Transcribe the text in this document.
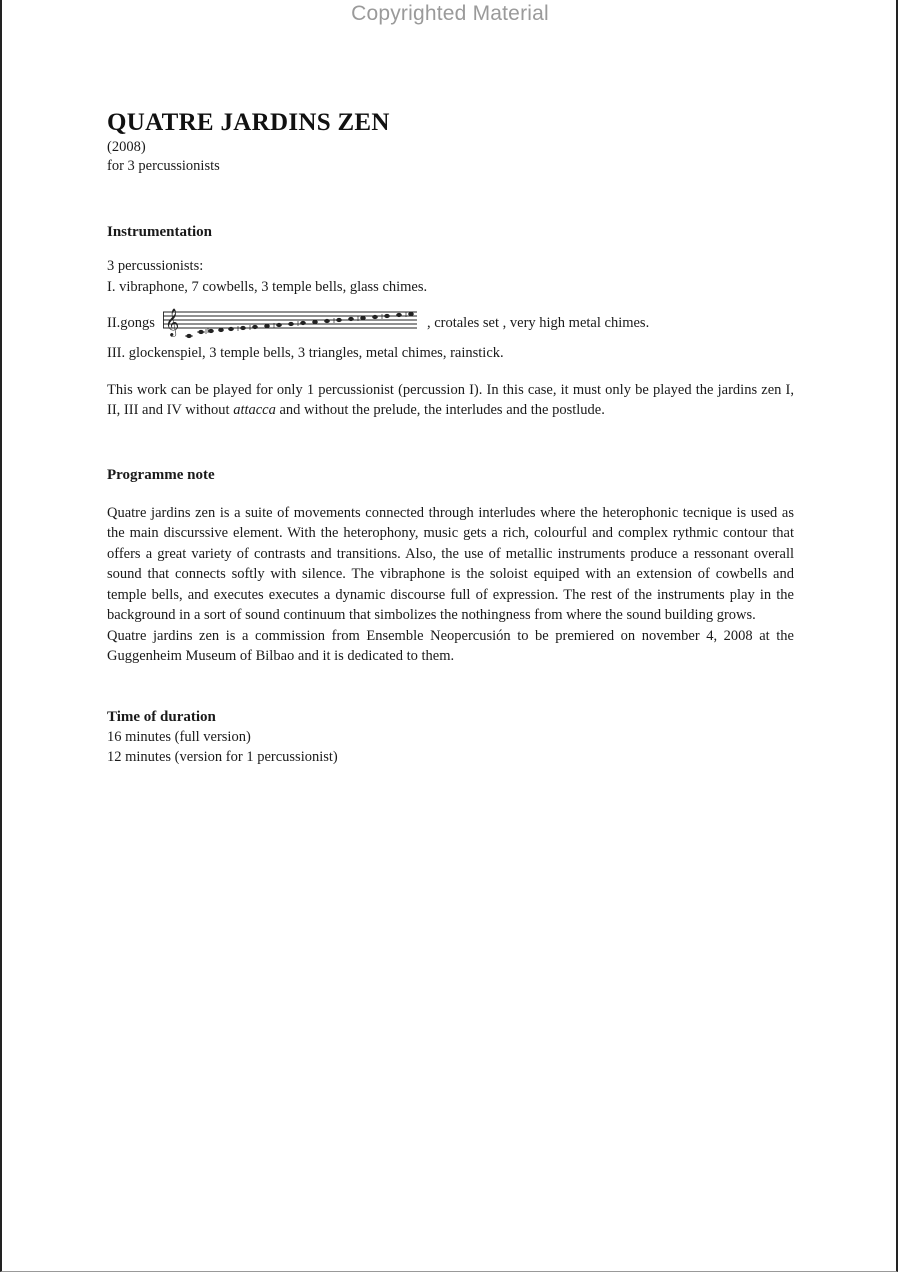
Copyrighted Material
QUATRE JARDINS ZEN
(2008)
for 3 percussionists

Instrumentation

3 percussionists:

I. vibraphone, 7 cowbells, 3 temple bells, glass chimes.

II.gongs 𝄞	, crotales set , very high metal chimes.

III. glockenspiel, 3 temple bells, 3 triangles, metal chimes, rainstick.

This work can be played for only 1 percussionist (percussion I). In this case, it must only be played the jardins zen I, II, III and IV without attacca and without the prelude, the interludes and the postlude.

Programme note

Quatre jardins zen is a suite of movements connected through interludes where the heterophonic tecnique is used as the main discurssive element. With the heterophony, music gets a rich, colourful and complex rythmic contour that offers a great variety of contrasts and transitions. Also, the use of metallic instruments produce a ressonant overall sound that connects softly with silence. The vibraphone is the soloist equiped with an extension of cowbells and temple bells, and executes executes a dynamic discourse full of expression. The rest of the instruments play in the background in a sort of sound continuum that simbolizes the nothingness from where the sound building grows.

Quatre jardins zen is a commission from Ensemble Neopercusión to be premiered on november 4, 2008 at the Guggenheim Museum of Bilbao and it is dedicated to them.

Time of duration

16 minutes (full version)

12 minutes (version for 1 percussionist)
